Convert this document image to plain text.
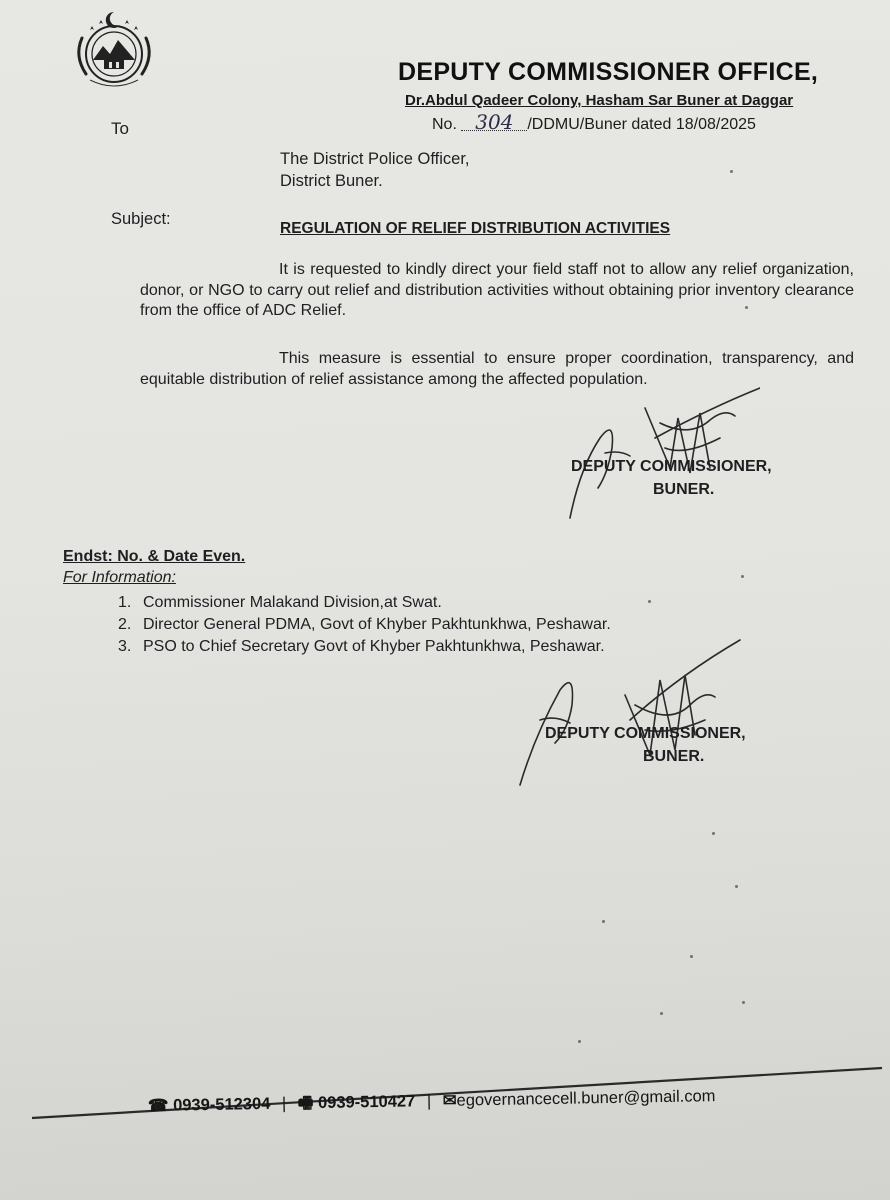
DEPUTY COMMISSIONER OFFICE,
Dr.Abdul Qadeer Colony, Hasham Sar Buner at Daggar
No. 304 /DDMU/Buner dated 18/08/2025
To
The District Police Officer,
District Buner.
Subject:
REGULATION OF RELIEF DISTRIBUTION ACTIVITIES
It is requested to kindly direct your field staff not to allow any relief organization, donor, or NGO to carry out relief and distribution activities without obtaining prior inventory clearance from the office of ADC Relief.
This measure is essential to ensure proper coordination, transparency, and equitable distribution of relief assistance among the affected population.
DEPUTY COMMISSIONER,
BUNER.
Endst: No. & Date Even.
For Information:
1. Commissioner Malakand Division,at Swat.
2. Director General PDMA, Govt of Khyber Pakhtunkhwa, Peshawar.
3. PSO to Chief Secretary Govt of Khyber Pakhtunkhwa, Peshawar.
DEPUTY COMMISSIONER,
BUNER.
☎ 0939-512304 | 🖷 0939-510427 | ✉egovernancecell.buner@gmail.com
